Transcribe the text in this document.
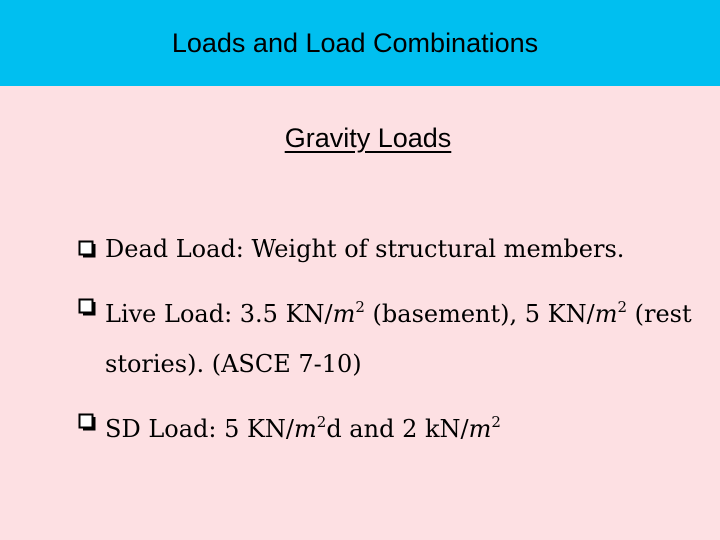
Loads and Load Combinations
Gravity Loads
Dead Load: Weight of structural members.
Live Load: 3.5 $KN/m^2$ (basement), 5 $KN/m^2$ (rest stories). (ASCE 7-10)
SD Load: 5 $KN/m^2d$ and 2 $kN/m^2$
